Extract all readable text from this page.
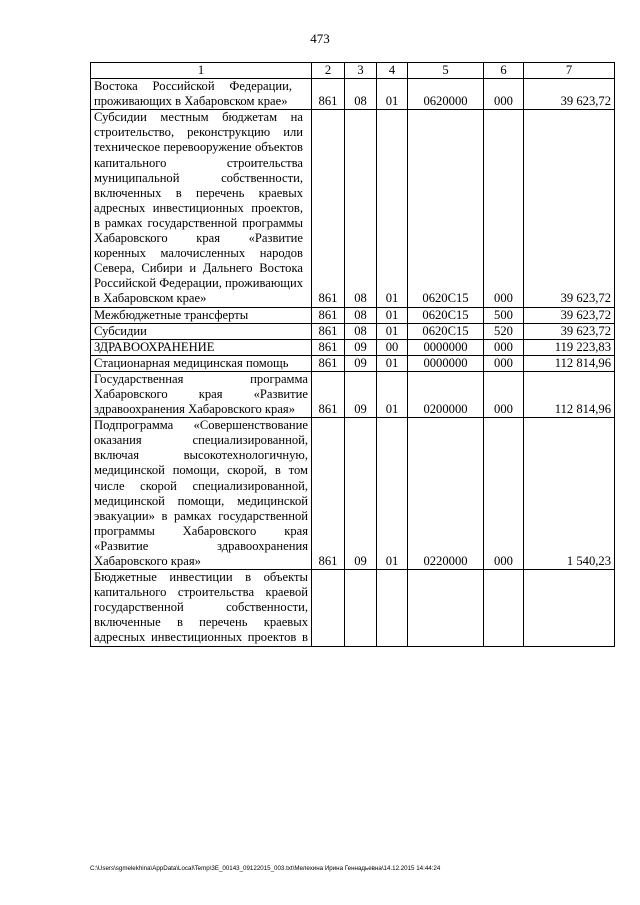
473
1	2	3	4	5	6	7

Востока Российской Федерации, проживающих в Хабаровском крае»	861	08	01	0620000	000	39 623,72

Субсидии местным бюджетам на строительство, реконструкцию или техническое перевооружение объектов капитального строительства муниципальной собственности, включенных в перечень краевых адресных инвестиционных проектов, в рамках государственной программы Хабаровского края «Развитие коренных малочисленных народов Севера, Сибири и Дальнего Востока Российской Федерации, проживающих в Хабаровском крае»	861	08	01	0620С15	000	39 623,72

Межбюджетные трансферты	861	08	01	0620С15	500	39 623,72

Субсидии	861	08	01	0620С15	520	39 623,72

ЗДРАВООХРАНЕНИЕ	861	09	00	0000000	000	119 223,83

Стационарная медицинская помощь	861	09	01	0000000	000	112 814,96

Государственная программа Хабаровского края «Развитие здравоохранения Хабаровского края»	861	09	01	0200000	000	112 814,96

Подпрограмма «Совершенствование оказания специализированной, включая высокотехнологичную, медицинской помощи, скорой, в том числе скорой специализированной, медицинской помощи, медицинской эвакуации» в рамках государственной программы Хабаровского края «Развитие здравоохранения Хабаровского края»	861	09	01	0220000	000	1 540,23

Бюджетные инвестиции в объекты капитального строительства краевой государственной собственности, включенные в перечень краевых адресных инвестиционных проектов в						

C:\Users\sgmelekhina\AppData\Local\Temp\3E_00143_09122015_003.txt\Мелехина Ирина Геннадьевна\14.12.2015 14:44:24
